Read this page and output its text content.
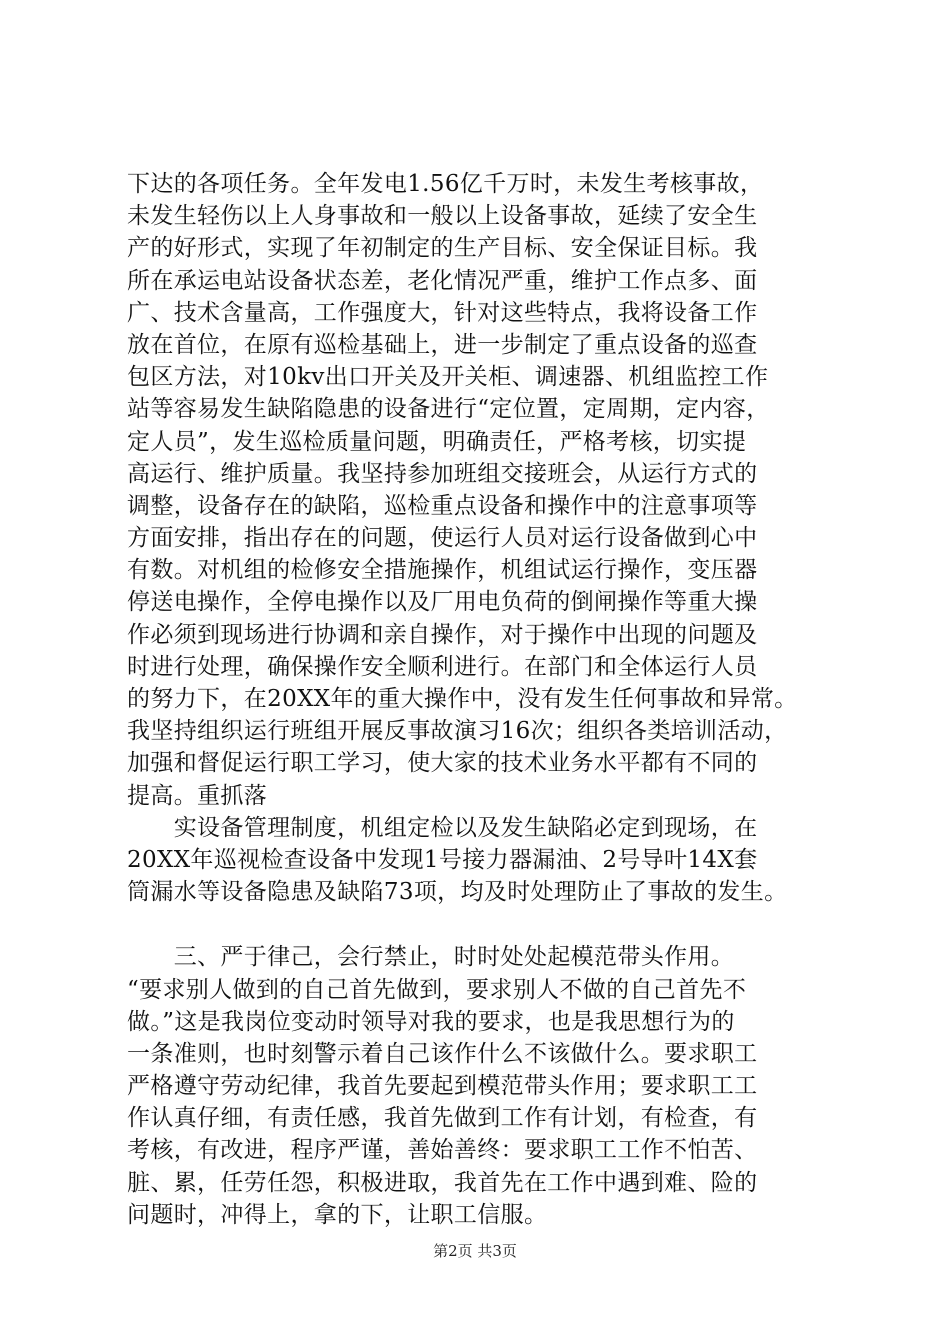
下达的各项任务。全年发电1.56亿千万时，未发生考核事故，
未发生轻伤以上人身事故和一般以上设备事故，延续了安全生
产的好形式，实现了年初制定的生产目标、安全保证目标。我
所在承运电站设备状态差，老化情况严重，维护工作点多、面
广、技术含量高，工作强度大，针对这些特点，我将设备工作
放在首位，在原有巡检基础上，进一步制定了重点设备的巡查
包区方法，对10kv出口开关及开关柜、调速器、机组监控工作
站等容易发生缺陷隐患的设备进行“定位置，定周期，定内容，
定人员”，发生巡检质量问题，明确责任，严格考核，切实提
高运行、维护质量。我坚持参加班组交接班会，从运行方式的
调整，设备存在的缺陷，巡检重点设备和操作中的注意事项等
方面安排，指出存在的问题，使运行人员对运行设备做到心中
有数。对机组的检修安全措施操作，机组试运行操作，变压器
停送电操作，全停电操作以及厂用电负荷的倒闸操作等重大操
作必须到现场进行协调和亲自操作，对于操作中出现的问题及
时进行处理，确保操作安全顺利进行。在部门和全体运行人员
的努力下，在20XX年的重大操作中，没有发生任何事故和异常。
我坚持组织运行班组开展反事故演习16次；组织各类培训活动，
加强和督促运行职工学习，使大家的技术业务水平都有不同的
提高。重抓落
　　实设备管理制度，机组定检以及发生缺陷必定到现场，在
20XX年巡视检查设备中发现1号接力器漏油、2号导叶14X套
筒漏水等设备隐患及缺陷73项，均及时处理防止了事故的发生。
　　三、严于律己，会行禁止，时时处处起模范带头作用。
“要求别人做到的自己首先做到，要求别人不做的自己首先不
做。”这是我岗位变动时领导对我的要求，也是我思想行为的
一条准则，也时刻警示着自己该作什么不该做什么。要求职工
严格遵守劳动纪律，我首先要起到模范带头作用；要求职工工
作认真仔细，有责任感，我首先做到工作有计划，有检查，有
考核，有改进，程序严谨，善始善终：要求职工工作不怕苦、
脏、累，任劳任怨，积极进取，我首先在工作中遇到难、险的
问题时，冲得上，拿的下，让职工信服。
第2页 共3页
